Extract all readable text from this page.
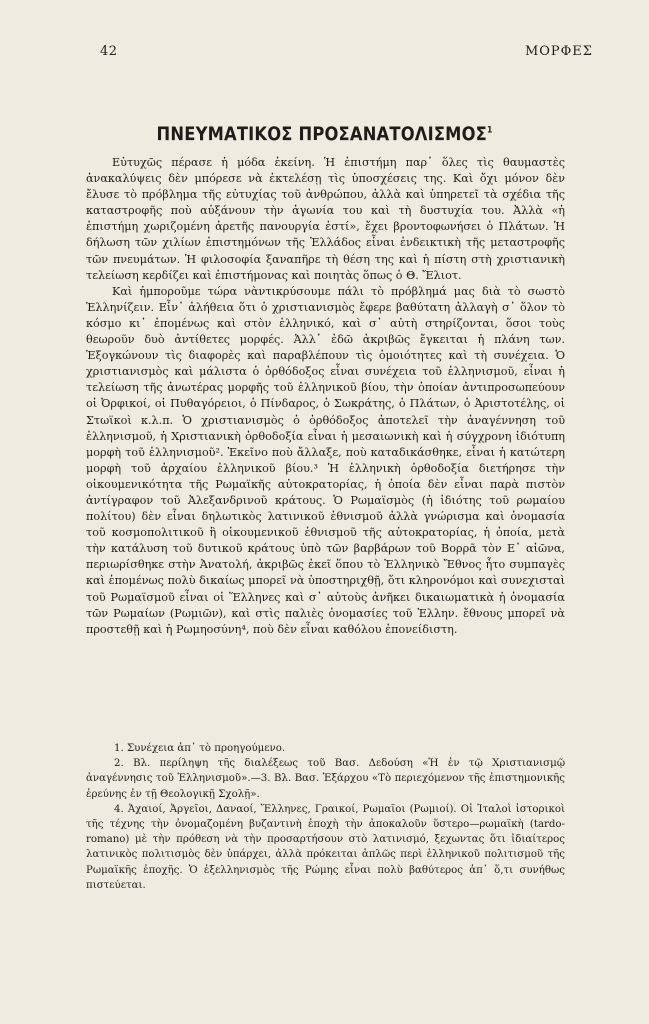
42	ΜΟΡΦΕΣ
ΠΝΕΥΜΑΤΙΚΟΣ ΠΡΟΣΑΝΑΤΟΛΙΣΜΟΣ$^1$

Εὐτυχῶς πέρασε ἡ μόδα ἐκείνη. Ἡ ἐπιστήμη παρ᾽ ὅλες τὶς θαυμαστὲς ἀνακαλύψεις δὲν μπόρεσε νὰ ἐκτελέσῃ τὶς ὑποσχέσεις της. Καὶ ὄχι μόνον δὲν ἔλυσε τὸ πρόβλημα τῆς εὐτυχίας τοῦ ἀνθρώπου, ἀλλὰ καὶ ὑπηρετεῖ τὰ σχέδια τῆς καταστροφῆς ποὺ αὐξάνουν τὴν ἀγωνία του καὶ τὴ δυστυχία του. Ἀλλὰ «ἡ ἐπιστήμη χωριζομένη ἀρετῆς πανουργία ἐστί», ἔχει βροντοφωνήσει ὁ Πλάτων. Ἡ δήλωση τῶν χιλίων ἐπιστημόνων τῆς Ἑλλάδος εἶναι ἐνδεικτικὴ τῆς μεταστροφῆς τῶν πνευμάτων. Ἡ φιλοσοφία ξαναπῆρε τὴ θέση της καὶ ἡ πίστη στὴ χριστιανικὴ τελείωση κερδίζει καὶ ἐπιστήμονας καὶ ποιητὰς ὅπως ὁ Θ. Ἔλιοτ.

Καὶ ἠμποροῦμε τώρα νὰντικρύσουμε πάλι τὸ πρόβλημά μας διὰ τὸ σωστὸ Ἑλληνίζειν. Εἶν᾽ ἀλήθεια ὅτι ὁ χριστιανισμὸς ἔφερε βαθύτατη ἀλλαγὴ σ᾽ ὅλον τὸ κόσμο κι᾽ ἐπομένως καὶ στὸν ἑλληνικό, καὶ σ᾽ αὐτὴ στηρίζονται, ὅσοι τοὺς θεωροῦν δυὸ ἀντίθετες μορφές. Ἀλλ᾽ ἐδῶ ἀκριβῶς ἔγκειται ἡ πλάνη των. Ἐξογκώνουν τὶς διαφορὲς καὶ παραβλέπουν τὶς ὁμοιότητες καὶ τὴ συνέχεια. Ὁ χριστιανισμὸς καὶ μάλιστα ὁ ὀρθόδοξος εἶναι συνέχεια τοῦ ἑλληνισμοῦ, εἶναι ἡ τελείωση τῆς ἀνωτέρας μορφῆς τοῦ ἑλληνικοῦ βίου, τὴν ὁποίαν ἀντιπροσωπεύουν οἱ Ὀρφικοί, οἱ Πυθαγόρειοι, ὁ Πίνδαρος, ὁ Σωκράτης, ὁ Πλάτων, ὁ Ἀριστοτέλης, οἱ Στωϊκοὶ κ.λ.π. Ὁ χριστιανισμὸς ὁ ὀρθόδοξος ἀποτελεῖ τὴν ἀναγέννηση τοῦ ἑλληνισμοῦ, ἡ Χριστιανικὴ ὀρθοδοξία εἶναι ἡ μεσαιωνικὴ καὶ ἡ σύγχρονη ἰδιότυπη μορφὴ τοῦ ἑλληνισμοῦ². Ἐκεῖνο ποὺ ἄλλαξε, ποὺ καταδικάσθηκε, εἶναι ἡ κατώτερη μορφὴ τοῦ ἀρχαίου ἑλληνικοῦ βίου.³ Ἡ ἑλληνικὴ ὀρθοδοξία διετήρησε τὴν οἰκουμενικότητα τῆς Ρωμαϊκῆς αὐτοκρατορίας, ἡ ὁποία δὲν εἶναι παρὰ πιστὸν ἀντίγραφον τοῦ Ἀλεξανδρινοῦ κράτους. Ὁ Ρωμαϊσμὸς (ἡ ἰδιότης τοῦ ρωμαίου πολίτου) δὲν εἶναι δηλωτικὸς λατινικοῦ ἐθνισμοῦ ἀλλὰ γνώρισμα καὶ ὀνομασία τοῦ κοσμοπολιτικοῦ ἢ οἰκουμενικοῦ ἐθνισμοῦ τῆς αὐτοκρατορίας, ἡ ὁποία, μετὰ τὴν κατάλυση τοῦ δυτικοῦ κράτους ὑπὸ τῶν βαρβάρων τοῦ Βορρᾶ τὸν Ε᾽ αἰῶνα, περιωρίσθηκε στὴν Ἀνατολή, ἀκριβῶς ἐκεῖ ὅπου τὸ Ἑλληνικὸ Ἔθνος ἦτο συμπαγὲς καὶ ἑπομένως πολὺ δικαίως μπορεῖ νὰ ὑποστηριχθῇ, ὅτι κληρονόμοι καὶ συνεχισταὶ τοῦ Ρωμαϊσμοῦ εἶναι οἱ Ἕλληνες καὶ σ᾽ αὐτοὺς ἀνῆκει δικαιωματικὰ ἡ ὀνομασία τῶν Ρωμαίων (Ρωμιῶν), καὶ στὶς παλιὲς ὀνομασίες τοῦ Ἑλλην. ἔθνους μπορεῖ νὰ προστεθῇ καὶ ἡ Ρωμηοσύνη⁴, ποὺ δὲν εἶναι καθόλου ἐπονείδιστη.

1. Συνέχεια ἀπ᾽ τὸ προηγούμενο.

2. Βλ. περίληψη τῆς διαλέξεως τοῦ Βασ. Δεδούση «Ἡ ἐν τῷ Χριστιανισμῷ ἀναγέννησις τοῦ Ἑλληνισμοῦ».—3. Βλ. Βασ. Ἐξάρχου «Τὸ περιεχόμενον τῆς ἐπιστημονικῆς ἐρεύνης ἐν τῇ Θεολογικῇ Σχολῇ».

4. Ἀχαιοί, Ἀργεῖοι, Δαναοί, Ἕλληνες, Γραικοί, Ρωμαῖοι (Ρωμιοί). Οἱ Ἰταλοὶ ἱστορικοὶ τῆς τέχνης τὴν ὀνομαζομένη βυζαντινὴ ἐποχὴ τὴν ἀποκαλοῦν ὕστερο—ρωμαϊκὴ (tardo-romano) μὲ τὴν πρόθεση νὰ τὴν προσαρτήσουν στὸ λατινισμό, ξεχωντας ὅτι ἰδιαίτερος λατινικὸς πολιτισμὸς δὲν ὑπάρχει, ἀλλὰ πρόκειται ἁπλῶς περὶ ἑλληνικοῦ πολιτισμοῦ τῆς Ρωμαϊκῆς ἐποχῆς. Ὁ ἐξελληνισμὸς τῆς Ρώμης εἶναι πολὺ βαθύτερος ἀπ᾽ ὅ,τι συνήθως πιστεύεται.
